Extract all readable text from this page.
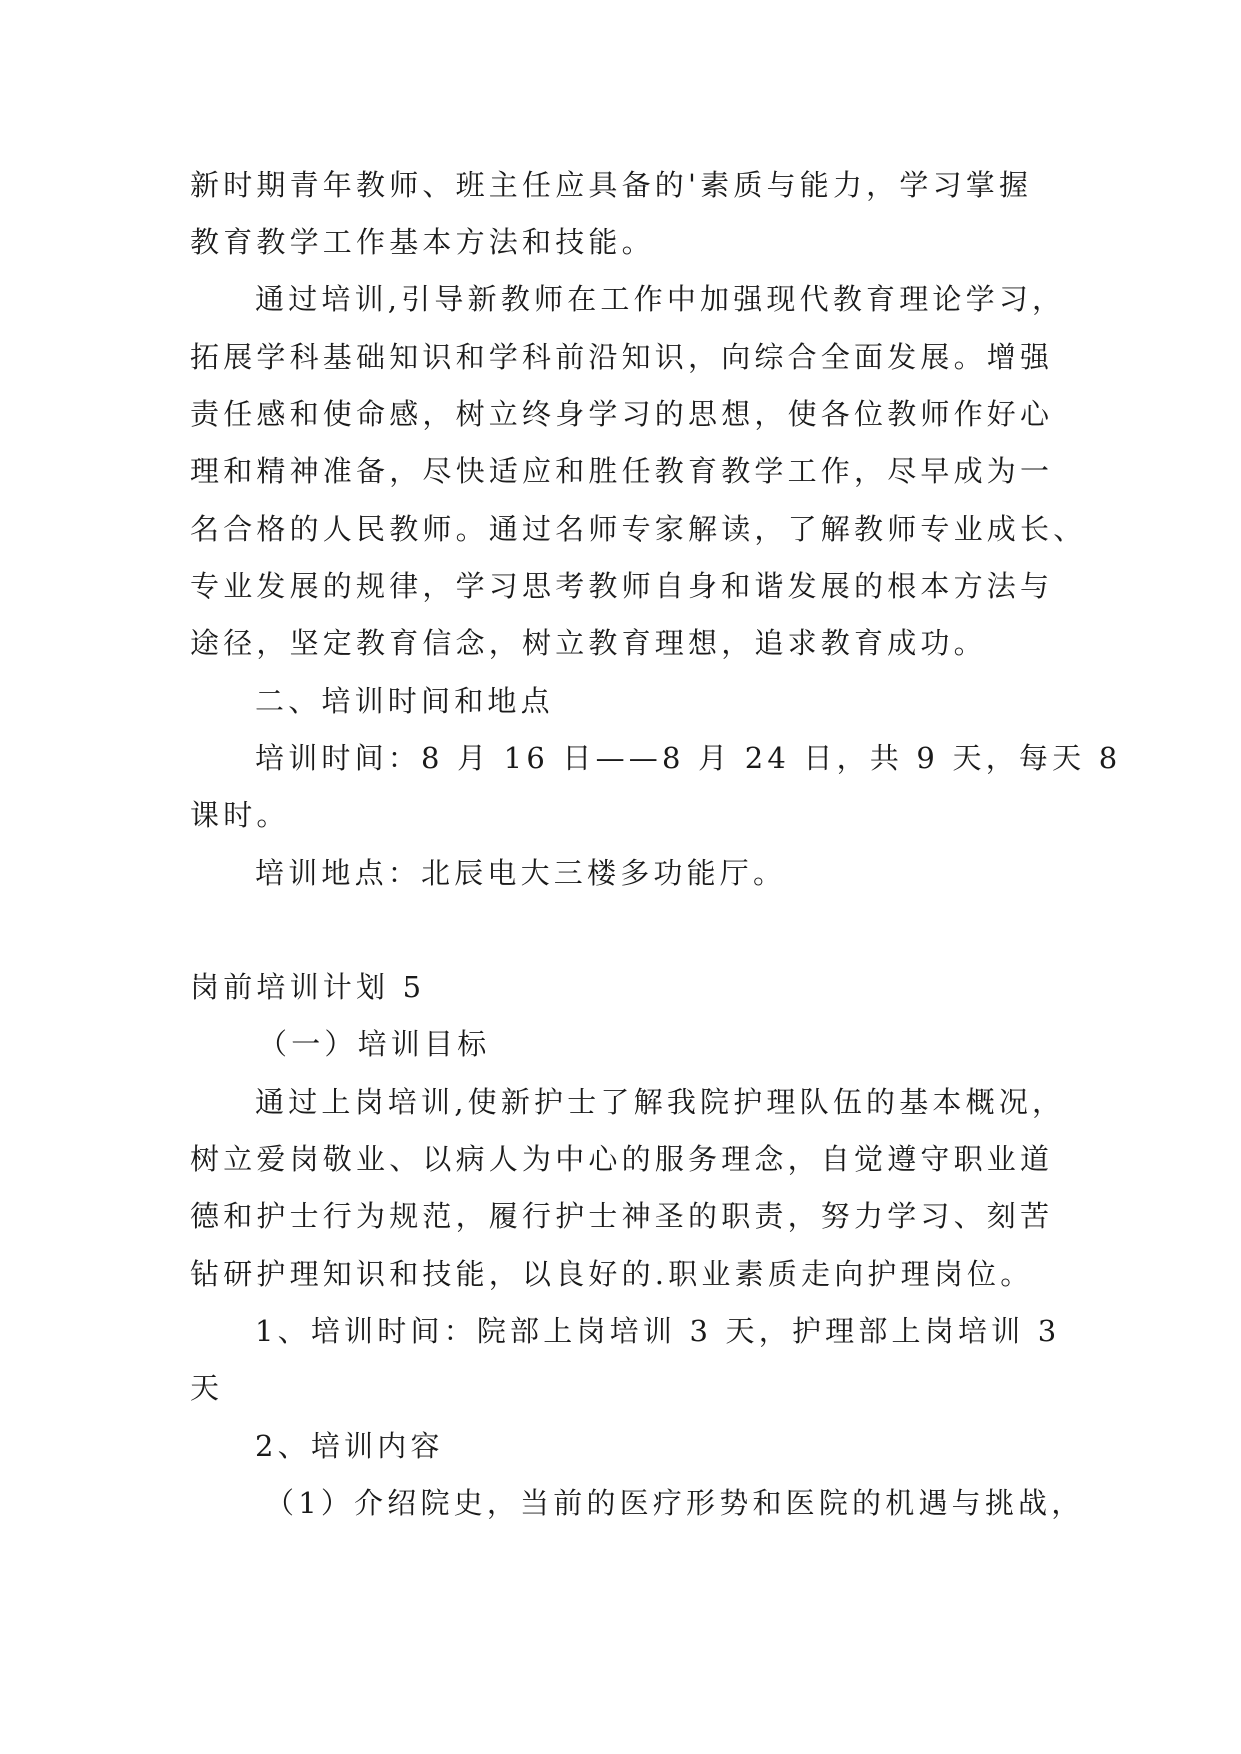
新时期青年教师、班主任应具备的'素质与能力，学习掌握
教育教学工作基本方法和技能。
通过培训,引导新教师在工作中加强现代教育理论学习，
拓展学科基础知识和学科前沿知识，向综合全面发展。增强
责任感和使命感，树立终身学习的思想，使各位教师作好心
理和精神准备，尽快适应和胜任教育教学工作，尽早成为一
名合格的人民教师。通过名师专家解读，了解教师专业成长、
专业发展的规律，学习思考教师自身和谐发展的根本方法与
途径，坚定教育信念，树立教育理想，追求教育成功。
二、培训时间和地点
培训时间：8 月 16 日——8 月 24 日，共 9 天，每天 8
课时。
培训地点：北辰电大三楼多功能厅。
岗前培训计划 5
（一）培训目标
通过上岗培训,使新护士了解我院护理队伍的基本概况，
树立爱岗敬业、以病人为中心的服务理念，自觉遵守职业道
德和护士行为规范，履行护士神圣的职责，努力学习、刻苦
钻研护理知识和技能，以良好的.职业素质走向护理岗位。
1、培训时间：院部上岗培训 3 天，护理部上岗培训 3
天
2、培训内容
（1）介绍院史，当前的医疗形势和医院的机遇与挑战，
